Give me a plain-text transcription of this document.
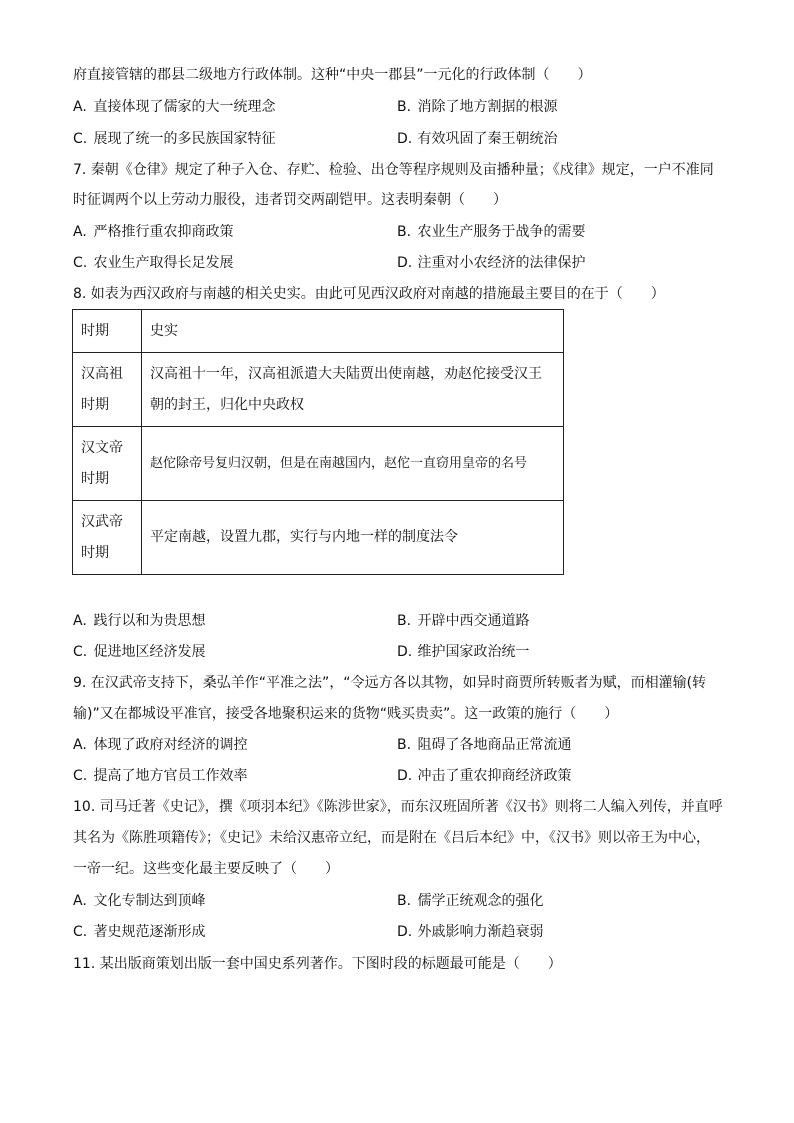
府直接管辖的郡县二级地方行政体制。这种“中央一郡县”一元化的行政体制（　　）
A. 直接体现了儒家的大一统理念	B. 消除了地方割据的根源
C. 展现了统一的多民族国家特征	D. 有效巩固了秦王朝统治
7. 秦朝《仓律》规定了种子入仓、存贮、检验、出仓等程序规则及亩播种量；《戍律》规定，一户不准同
时征调两个以上劳动力服役，违者罚交两副铠甲。这表明秦朝（　　）
A. 严格推行重农抑商政策	B. 农业生产服务于战争的需要
C. 农业生产取得长足发展	D. 注重对小农经济的法律保护
8. 如表为西汉政府与南越的相关史实。由此可见西汉政府对南越的措施最主要目的在于（　　）
时期	史实
汉高祖时期	汉高祖十一年，汉高祖派遣大夫陆贾出使南越，劝赵佗接受汉王朝的封王，归化中央政权
汉文帝时期	赵佗除帝号复归汉朝，但是在南越国内，赵佗一直窃用皇帝的名号
汉武帝时期	平定南越，设置九郡，实行与内地一样的制度法令
A. 践行以和为贵思想	B. 开辟中西交通道路
C. 促进地区经济发展	D. 维护国家政治统一
9. 在汉武帝支持下，桑弘羊作“平准之法”，“令远方各以其物，如异时商贾所转贩者为赋，而相灌输(转
输)”又在都城设平准官，接受各地聚积运来的货物“贱买贵卖”。这一政策的施行（　　）
A. 体现了政府对经济的调控	B. 阻碍了各地商品正常流通
C. 提高了地方官员工作效率	D. 冲击了重农抑商经济政策
10. 司马迁著《史记》，撰《项羽本纪》《陈涉世家》，而东汉班固所著《汉书》则将二人编入列传，并直呼
其名为《陈胜项籍传》；《史记》未给汉惠帝立纪，而是附在《吕后本纪》中，《汉书》则以帝王为中心，
一帝一纪。这些变化最主要反映了（　　）
A. 文化专制达到顶峰	B. 儒学正统观念的强化
C. 著史规范逐渐形成	D. 外戚影响力渐趋衰弱
11. 某出版商策划出版一套中国史系列著作。下图时段的标题最可能是（　　）
